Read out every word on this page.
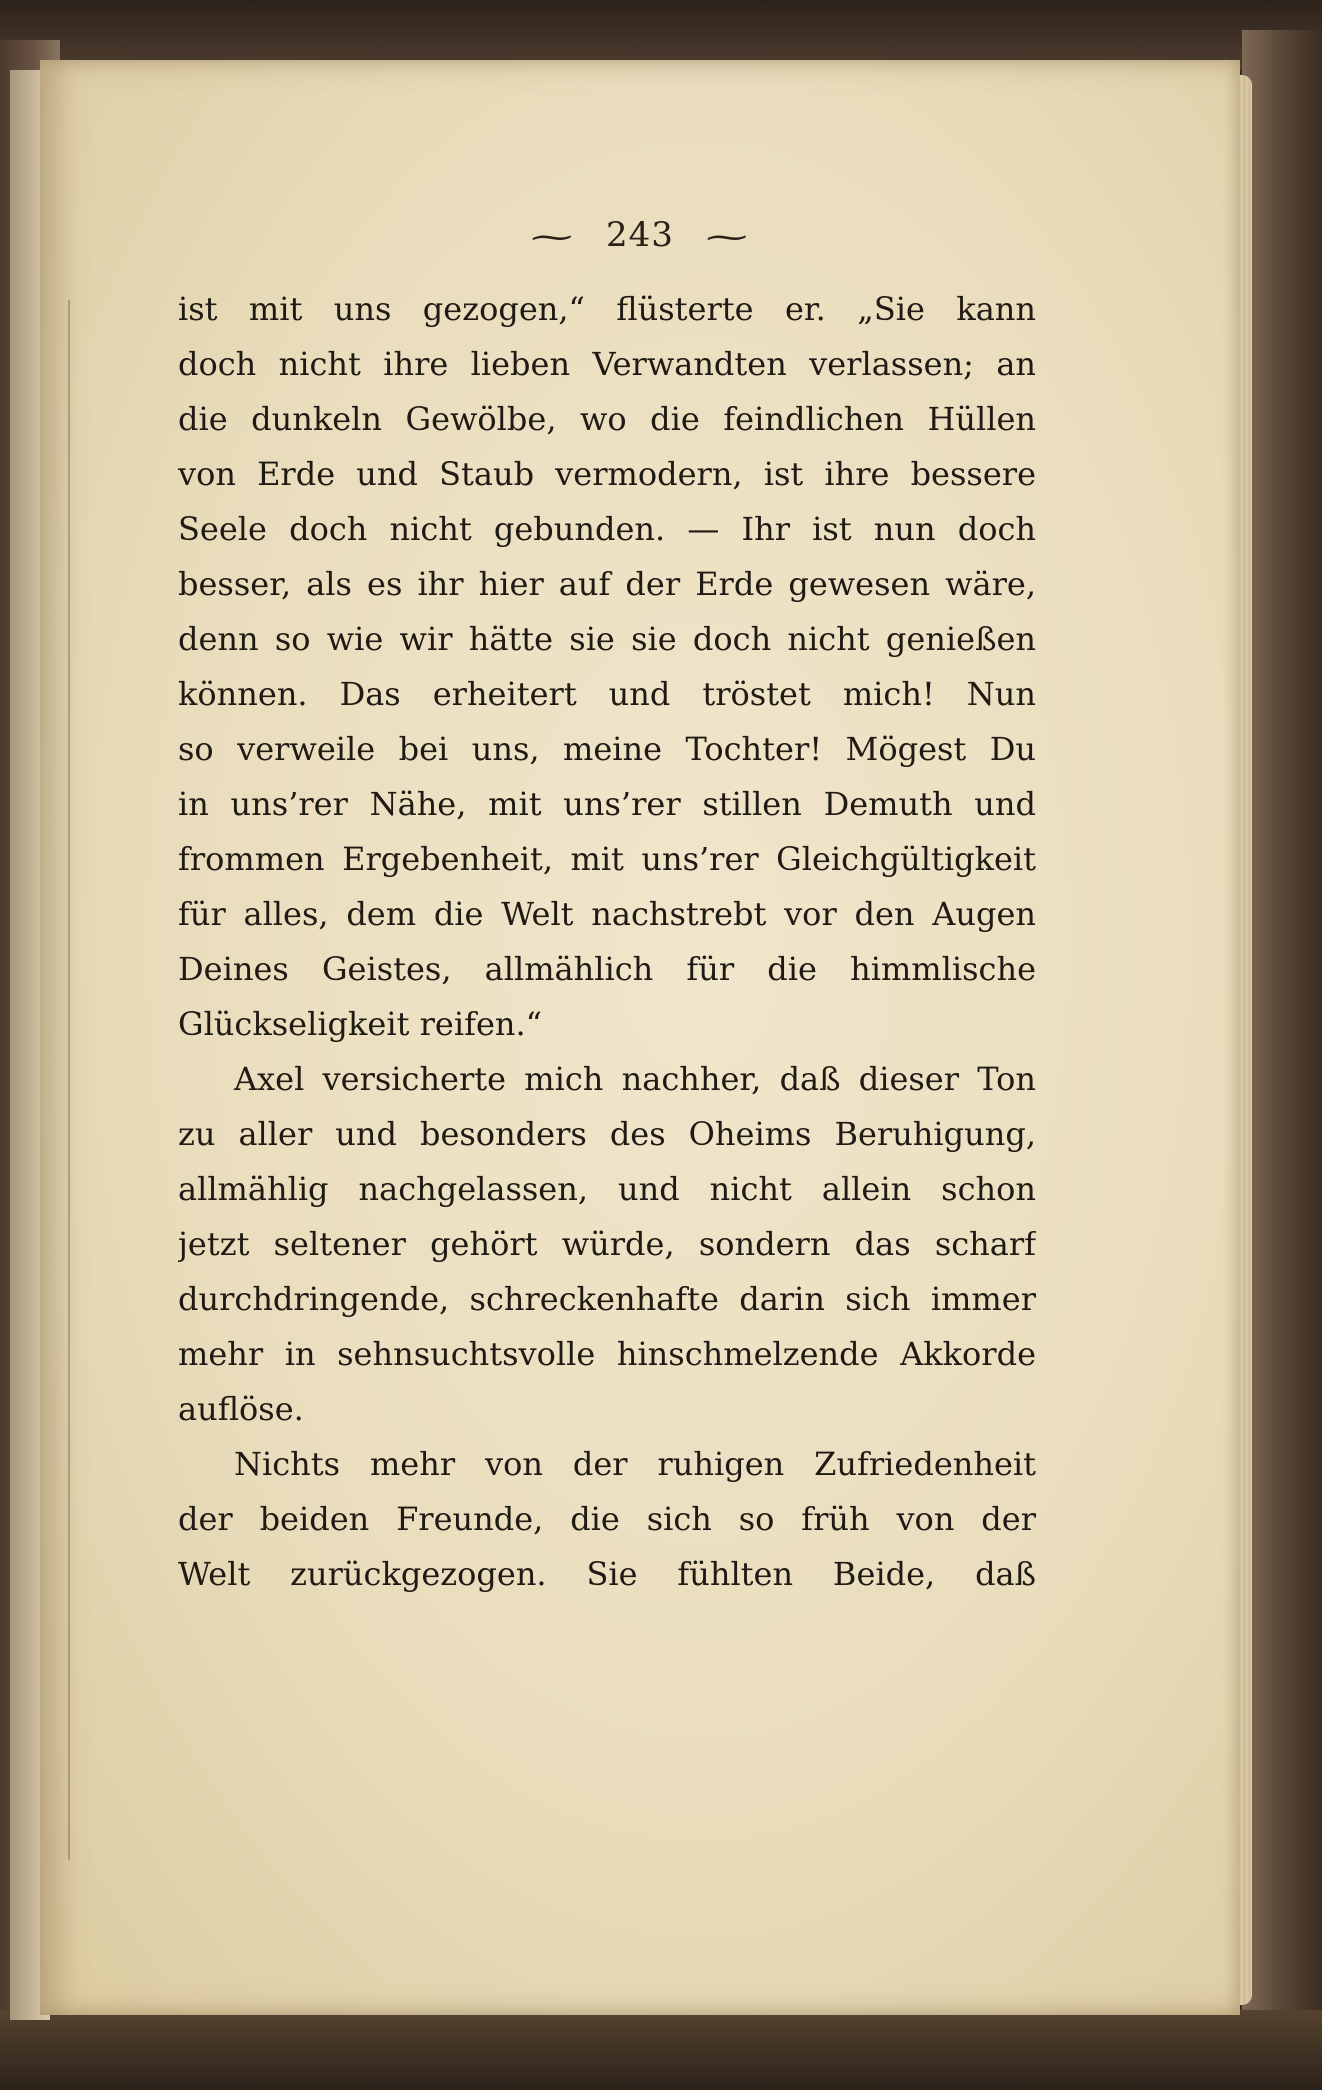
⁓ 243 ⁓
ist mit uns gezogen,“ flüsterte er. „Sie kann
doch nicht ihre lieben Verwandten verlassen; an
die dunkeln Gewölbe, wo die feindlichen Hüllen
von Erde und Staub vermodern, ist ihre bessere
Seele doch nicht gebunden. — Ihr ist nun doch
besser, als es ihr hier auf der Erde gewesen wäre,
denn so wie wir hätte sie sie doch nicht genießen
können. Das erheitert und tröstet mich! Nun
so verweile bei uns, meine Tochter! Mögest Du
in uns’rer Nähe, mit uns’rer stillen Demuth und
frommen Ergebenheit, mit uns’rer Gleichgültigkeit
für alles, dem die Welt nachstrebt vor den Augen
Deines Geistes, allmählich für die himmlische
Glückseligkeit reifen.“
Axel versicherte mich nachher, daß dieser Ton
zu aller und besonders des Oheims Beruhigung,
allmählig nachgelassen, und nicht allein schon
jetzt seltener gehört würde, sondern das scharf
durchdringende, schreckenhafte darin sich immer
mehr in sehnsuchtsvolle hinschmelzende Akkorde
auflöse.
Nichts mehr von der ruhigen Zufriedenheit
der beiden Freunde, die sich so früh von der
Welt zurückgezogen. Sie fühlten Beide, daß
